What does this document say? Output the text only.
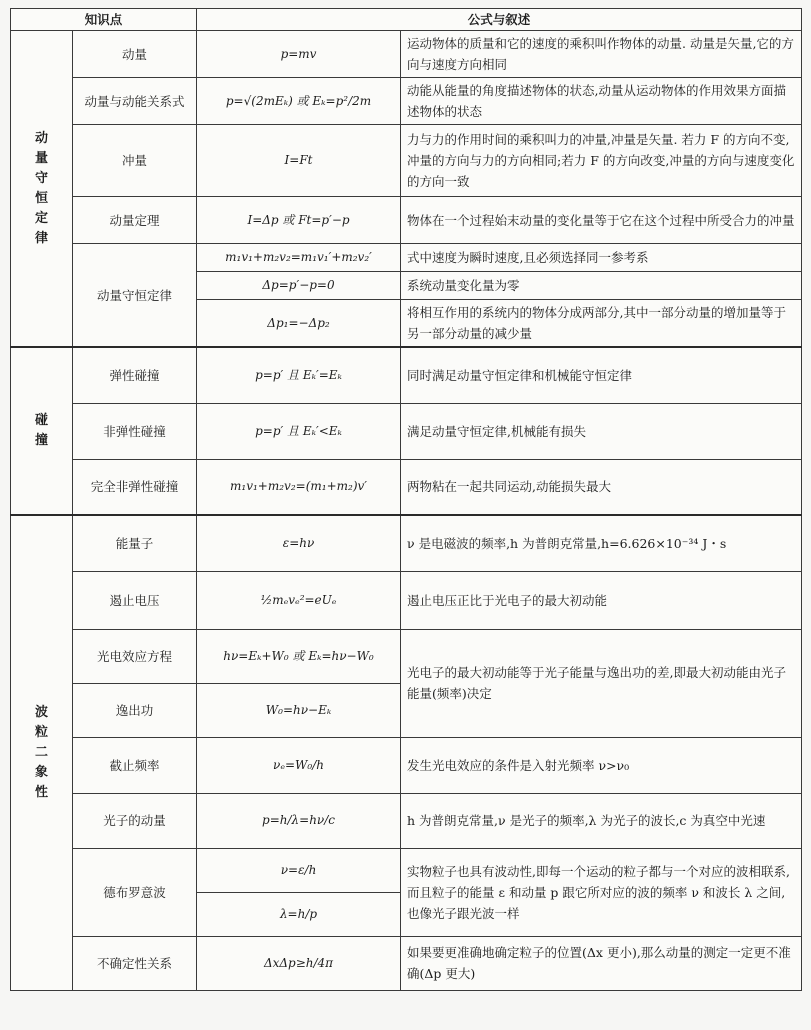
知识点		公式与叙述	

动量守恒定律	动量	p=mv	运动物体的质量和它的速度的乘积叫作物体的动量. 动量是矢量,它的方向与速度方向相同
	动量与动能关系式	p=√(2mEₖ) 或 Eₖ=p²/2m	动能从能量的角度描述物体的状态,动量从运动物体的作用效果方面描述物体的状态
	冲量	I=Ft	力与力的作用时间的乘积叫力的冲量,冲量是矢量. 若力 F 的方向不变,冲量的方向与力的方向相同;若力 F 的方向改变,冲量的方向与速度变化的方向一致
	动量定理	I=Δp 或 Ft=p′−p	物体在一个过程始末动量的变化量等于它在这个过程中所受合力的冲量
	动量守恒定律	m₁v₁+m₂v₂=m₁v₁′+m₂v₂′	式中速度为瞬时速度,且必须选择同一参考系
		Δp=p′−p=0	系统动量变化量为零
		Δp₁=−Δp₂	将相互作用的系统内的物体分成两部分,其中一部分动量的增加量等于另一部分动量的减少量

碰撞	弹性碰撞	p=p′ 且 Eₖ′=Eₖ	同时满足动量守恒定律和机械能守恒定律
	非弹性碰撞	p=p′ 且 Eₖ′<Eₖ	满足动量守恒定律,机械能有损失
	完全非弹性碰撞	m₁v₁+m₂v₂=(m₁+m₂)v′	两物粘在一起共同运动,动能损失最大

波粒二象性	能量子	ε=hν	ν 是电磁波的频率,h 为普朗克常量,h=6.626×10⁻³⁴ J・s
	遏止电压	½mₑvₑ²=eUₑ	遏止电压正比于光电子的最大初动能
	光电效应方程	hν=Eₖ+W₀ 或 Eₖ=hν−W₀	光电子的最大初动能等于光子能量与逸出功的差,即最大初动能由光子能量(频率)决定
	逸出功	W₀=hν−Eₖ	
	截止频率	νₑ=W₀/h	发生光电效应的条件是入射光频率 ν>ν₀
	光子的动量	p=h/λ=hν/c	h 为普朗克常量,ν 是光子的频率,λ 为光子的波长,c 为真空中光速
	德布罗意波	ν=ε/h	实物粒子也具有波动性,即每一个运动的粒子都与一个对应的波相联系,而且粒子的能量 ε 和动量 p 跟它所对应的波的频率 ν 和波长 λ 之间,也像光子跟光波一样
		λ=h/p	
	不确定性关系	ΔxΔp≥h/4π	如果要更准确地确定粒子的位置(Δx 更小),那么动量的测定一定更不准确(Δp 更大)
